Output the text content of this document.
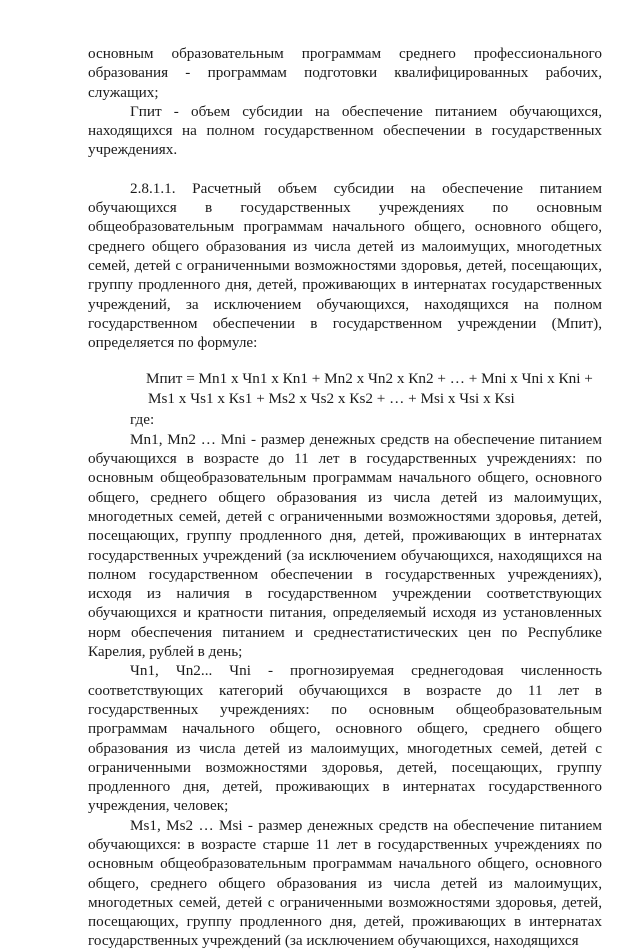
основным образовательным программам среднего профессионального образования - программам подготовки квалифицированных рабочих, служащих;

Гпит - объем субсидии на обеспечение питанием обучающихся, находящихся на полном государственном обеспечении в государственных учреждениях.

2.8.1.1. Расчетный объем субсидии на обеспечение питанием обучающихся в государственных учреждениях по основным общеобразовательным программам начального общего, основного общего, среднего общего образования из числа детей из малоимущих, многодетных семей, детей с ограниченными возможностями здоровья, детей, посещающих, группу продленного дня, детей, проживающих в интернатах государственных учреждений, за исключением обучающихся, находящихся на полном государственном обеспечении в государственном учреждении (Мпит), определяется по формуле:

Мпит = Мn1 x Чn1 x Кn1 + Мn2 x Чn2 x Кn2 + … + Мni x Чni x Кni +
Мs1 x Чs1 x Кs1 + Мs2 x Чs2 x Кs2 + … + Мsi x Чsi x Кsi

где:

Мn1, Мn2 … Мni - размер денежных средств на обеспечение питанием обучающихся в возрасте до 11 лет в государственных учреждениях: по основным общеобразовательным программам начального общего, основного общего, среднего общего образования из числа детей из малоимущих, многодетных семей, детей с ограниченными возможностями здоровья, детей, посещающих, группу продленного дня, детей, проживающих в интернатах государственных учреждений (за исключением обучающихся, находящихся на полном государственном обеспечении в государственных учреждениях), исходя из наличия в государственном учреждении соответствующих обучающихся и кратности питания, определяемый исходя из установленных норм обеспечения питанием и среднестатистических цен по Республике Карелия, рублей в день;

Чn1, Чn2... Чni - прогнозируемая среднегодовая численность соответствующих категорий обучающихся в возрасте до 11 лет в государственных учреждениях: по основным общеобразовательным программам начального общего, основного общего, среднего общего образования из числа детей из малоимущих, многодетных семей, детей с ограниченными возможностями здоровья, детей, посещающих, группу продленного дня, детей, проживающих в интернатах государственного учреждения, человек;

Мs1, Мs2 … Мsi - размер денежных средств на обеспечение питанием обучающихся: в возрасте старше 11 лет в государственных учреждениях по основным общеобразовательным программам начального общего, основного общего, среднего общего образования из числа детей из малоимущих, многодетных семей, детей с ограниченными возможностями здоровья, детей, посещающих, группу продленного дня, детей, проживающих в интернатах государственных учреждений (за исключением обучающихся, находящихся
